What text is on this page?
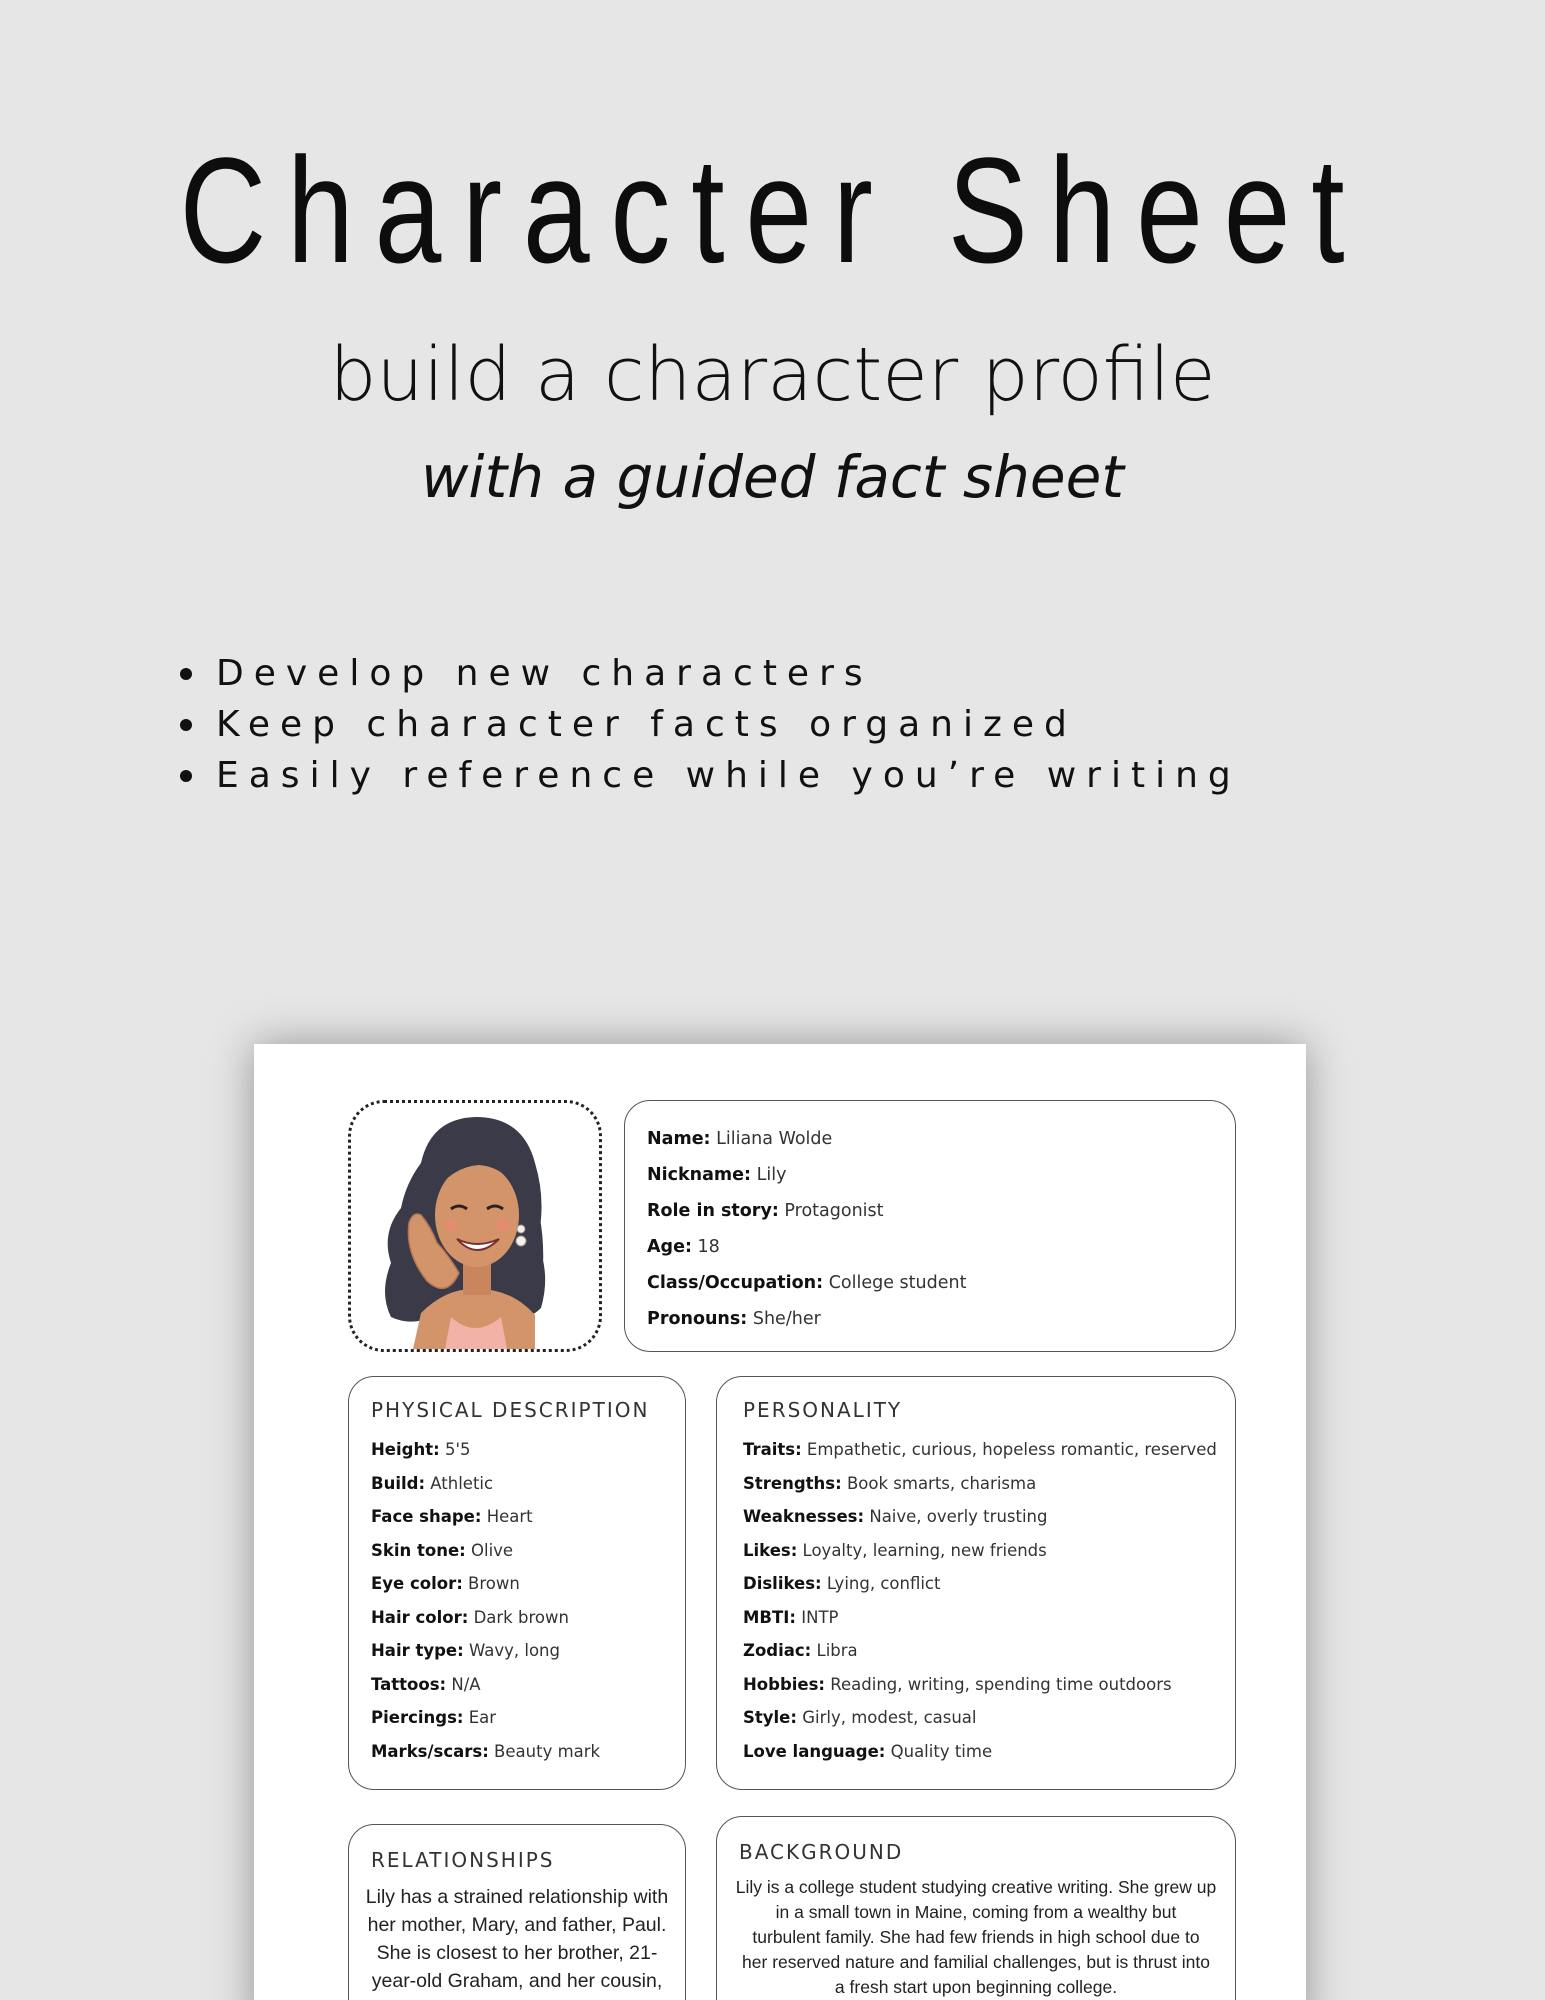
Character Sheet
build a character profile
with a guided fact sheet
Develop new characters
Keep character facts organized
Easily reference while you’re writing
Name: Liliana Wolde
Nickname: Lily
Role in story: Protagonist
Age: 18
Class/Occupation: College student
Pronouns: She/her
PHYSICAL DESCRIPTION
Height: 5'5
Build: Athletic
Face shape: Heart
Skin tone: Olive
Eye color: Brown
Hair color: Dark brown
Hair type: Wavy, long
Tattoos: N/A
Piercings: Ear
Marks/scars: Beauty mark
PERSONALITY
Traits: Empathetic, curious, hopeless romantic, reserved
Strengths: Book smarts, charisma
Weaknesses: Naive, overly trusting
Likes: Loyalty, learning, new friends
Dislikes: Lying, conflict
MBTI: INTP
Zodiac: Libra
Hobbies: Reading, writing, spending time outdoors
Style: Girly, modest, casual
Love language: Quality time
RELATIONSHIPS
Lily has a strained relationship with
her mother, Mary, and father, Paul.
She is closest to her brother, 21-
year-old Graham, and her cousin,
BACKGROUND
Lily is a college student studying creative writing. She grew up
in a small town in Maine, coming from a wealthy but
turbulent family. She had few friends in high school due to
her reserved nature and familial challenges, but is thrust into
a fresh start upon beginning college.
